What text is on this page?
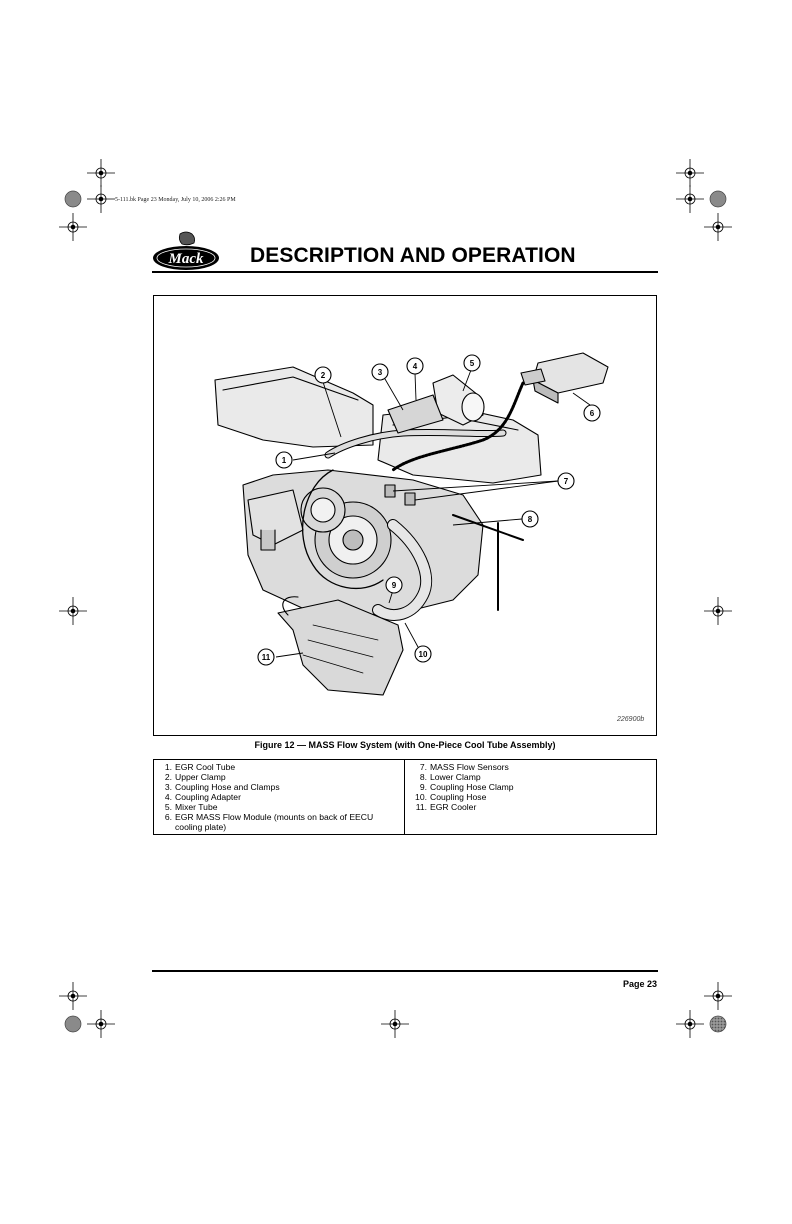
5-111.bk Page 23 Monday, July 10, 2006 2:26 PM
Mack DESCRIPTION AND OPERATION
1
2	3
4	5
6
7
8
9
10
11
226900b
Figure 12 — MASS Flow System (with One-Piece Cool Tube Assembly)
1. EGR Cool Tube
2. Upper Clamp
3. Coupling Hose and Clamps
4. Coupling Adapter
5. Mixer Tube
6. EGR MASS Flow Module (mounts on back of EECU cooling plate)
7. MASS Flow Sensors
8. Lower Clamp
9. Coupling Hose Clamp
10. Coupling Hose
11. EGR Cooler
Page 23
